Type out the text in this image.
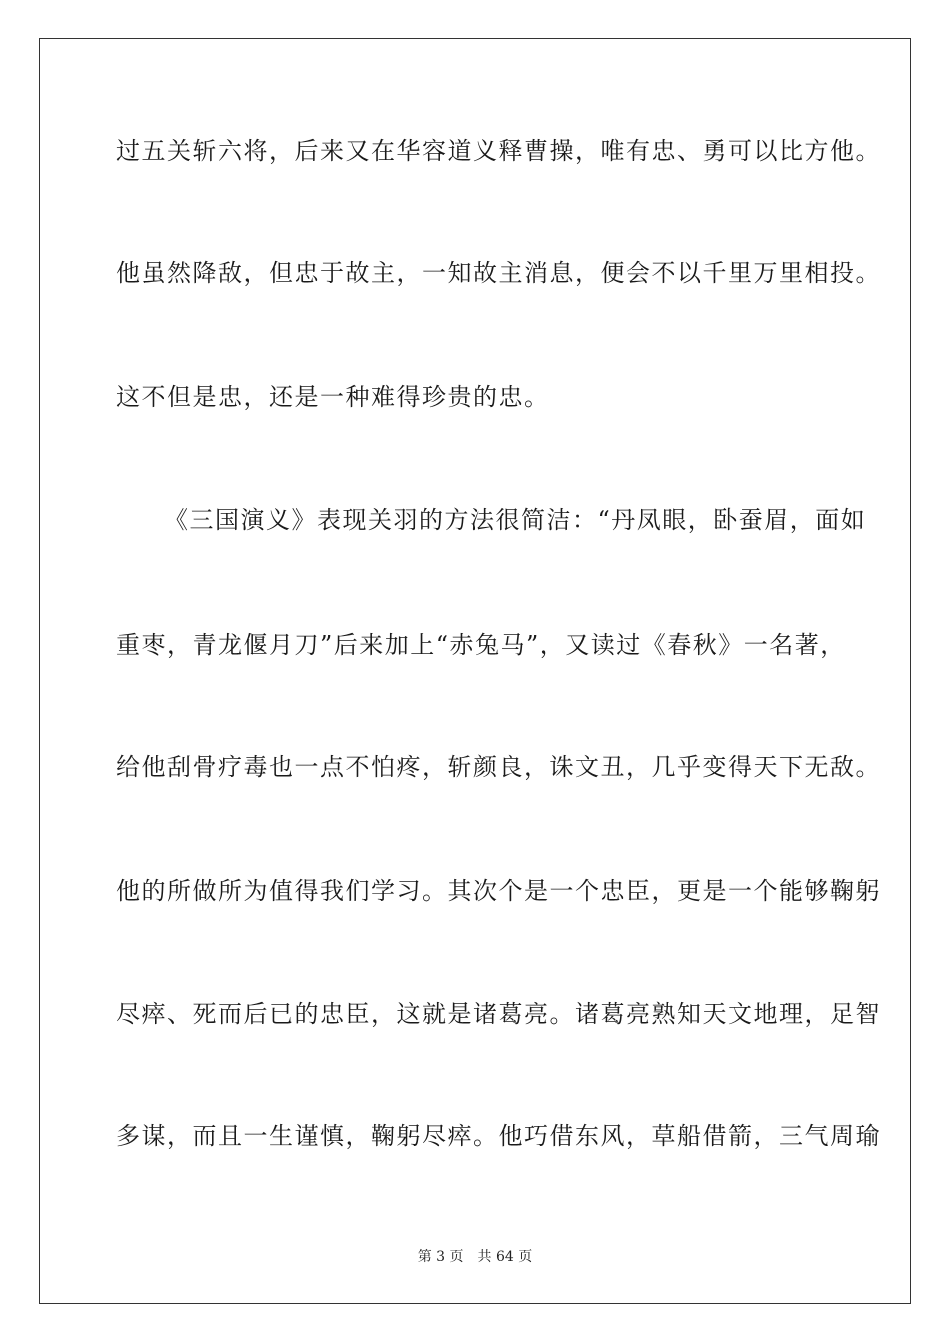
过五关斩六将，后来又在华容道义释曹操，唯有忠、勇可以比方他。
他虽然降敌，但忠于故主，一知故主消息，便会不以千里万里相投。
这不但是忠，还是一种难得珍贵的忠。
《三国演义》表现关羽的方法很简洁：“丹凤眼，卧蚕眉，面如
重枣，青龙偃月刀”后来加上“赤兔马”，又读过《春秋》一名著，
给他刮骨疗毒也一点不怕疼，斩颜良，诛文丑，几乎变得天下无敌。
他的所做所为值得我们学习。其次个是一个忠臣，更是一个能够鞠躬
尽瘁、死而后已的忠臣，这就是诸葛亮。诸葛亮熟知天文地理，足智
多谋，而且一生谨慎，鞠躬尽瘁。他巧借东风，草船借箭，三气周瑜
第 3 页 共 64 页
